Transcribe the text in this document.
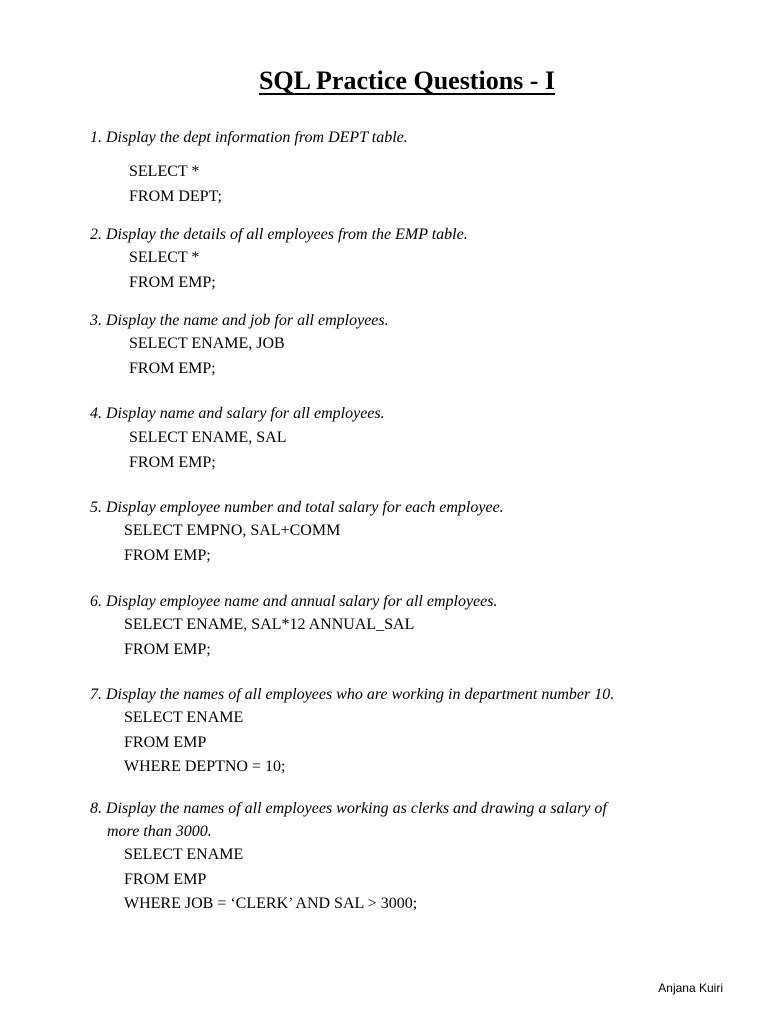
SQL Practice Questions - I

1. Display the dept information from DEPT table.

SELECT *
FROM DEPT;

2. Display the details of all employees from the EMP table.

SELECT *
FROM EMP;

3. Display the name and job for all employees.

SELECT ENAME, JOB
FROM EMP;

4. Display name and salary for all employees.

SELECT ENAME, SAL
FROM EMP;

5. Display employee number and total salary for each employee.

SELECT EMPNO, SAL+COMM
FROM EMP;

6. Display employee name and annual salary for all employees.

SELECT ENAME, SAL*12 ANNUAL_SAL
FROM EMP;

7. Display the names of all employees who are working in department number 10.

SELECT ENAME
FROM EMP
WHERE DEPTNO = 10;

8. Display the names of all employees working as clerks and drawing a salary of
more than 3000.

SELECT ENAME
FROM EMP
WHERE JOB = ‘CLERK’ AND SAL > 3000;

Anjana Kuiri
